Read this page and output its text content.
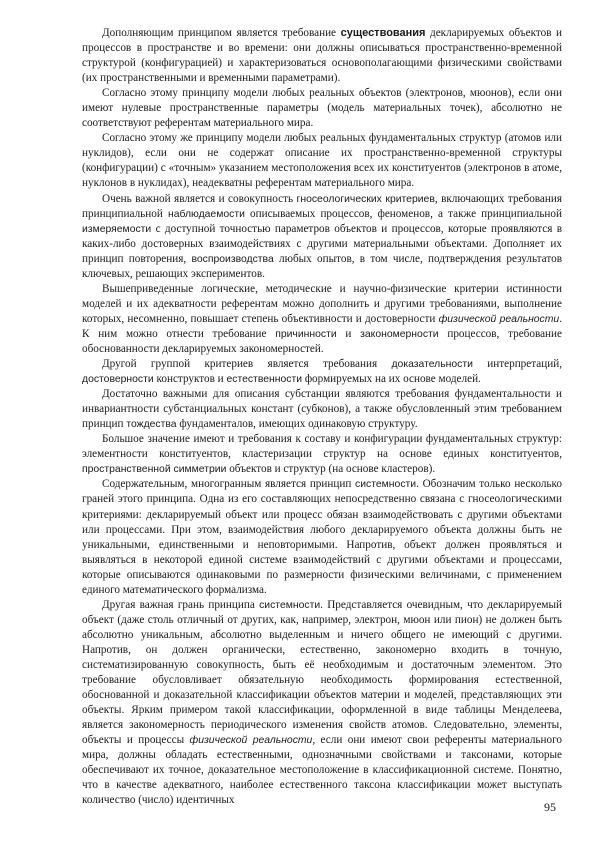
Дополняющим принципом является требование существования декларируемых объектов и процессов в пространстве и во времени: они должны описываться пространственно-временной структурой (конфигурацией) и характеризоваться основополагающими физическими свойствами (их пространственными и временными параметрами).

Согласно этому принципу модели любых реальных объектов (электронов, мюонов), если они имеют нулевые пространственные параметры (модель материальных точек), абсолютно не соответствуют референтам материального мира.

Согласно этому же принципу модели любых реальных фундаментальных структур (атомов или нуклидов), если они не содержат описание их пространственно-временной структуры (конфигурации) с «точным» указанием местоположения всех их конституентов (электронов в атоме, нуклонов в нуклидах), неадекватны референтам материального мира.

Очень важной является и совокупность гносеологических критериев, включающих требования принципиальной наблюдаемости описываемых процессов, феноменов, а также принципиальной измеряемости с доступной точностью параметров объектов и процессов, которые проявляются в каких-либо достоверных взаимодействиях с другими материальными объектами. Дополняет их принцип повторения, воспроизводства любых опытов, в том числе, подтверждения результатов ключевых, решающих экспериментов.

Вышеприведенные логические, методические и научно-физические критерии истинности моделей и их адекватности референтам можно дополнить и другими требованиями, выполнение которых, несомненно, повышает степень объективности и достоверности физической реальности. К ним можно отнести требование причинности и закономерности процессов, требование обоснованности декларируемых закономерностей.

Другой группой критериев является требования доказательности интерпретаций, достоверности конструктов и естественности формируемых на их основе моделей.

Достаточно важными для описания субстанции являются требования фундаментальности и инвариантности субстанциальных констант (субконов), а также обусловленный этим требованием принцип тождества фундаменталов, имеющих одинаковую структуру.

Большое значение имеют и требования к составу и конфигурации фундаментальных структур: элементности конституентов, кластеризации структур на основе единых конституентов, пространственной симметрии объектов и структур (на основе кластеров).

Содержательным, многогранным является принцип системности. Обозначим только несколько граней этого принципа. Одна из его составляющих непосредственно связана с гносеологическими критериями: декларируемый объект или процесс обязан взаимодействовать с другими объектами или процессами. При этом, взаимодействия любого декларируемого объекта должны быть не уникальными, единственными и неповторимыми. Напротив, объект должен проявляться и выявляться в некоторой единой системе взаимодействий с другими объектами и процессами, которые описываются одинаковыми по размерности физическими величинами, с применением единого математического формализма.

Другая важная грань принципа системности. Представляется очевидным, что декларируемый объект (даже столь отличный от других, как, например, электрон, мюон или пион) не должен быть абсолютно уникальным, абсолютно выделенным и ничего общего не имеющий с другими. Напротив, он должен органически, естественно, закономерно входить в точную, систематизированную совокупность, быть её необходимым и достаточным элементом. Это требование обусловливает обязательную необходимость формирования естественной, обоснованной и доказательной классификации объектов материи и моделей, представляющих эти объекты. Ярким примером такой классификации, оформленной в виде таблицы Менделеева, является закономерность периодического изменения свойств атомов. Следовательно, элементы, объекты и процессы физической реальности, если они имеют свои референты материального мира, должны обладать естественными, однозначными свойствами и таксонами, которые обеспечивают их точное, доказательное местоположение в классификационной системе. Понятно, что в качестве адекватного, наиболее естественного таксона классификации может выступать количество (число) идентичных	95
